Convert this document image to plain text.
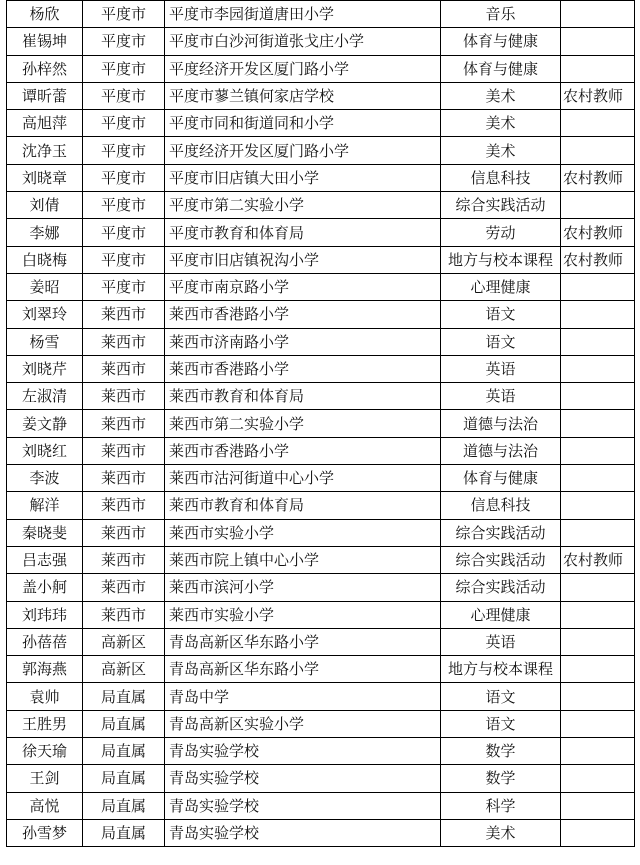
杨欣	平度市	平度市李园街道唐田小学	音乐	
崔锡坤	平度市	平度市白沙河街道张戈庄小学	体育与健康	
孙梓然	平度市	平度经济开发区厦门路小学	体育与健康	
谭昕蕾	平度市	平度市蓼兰镇何家店学校	美术	农村教师
高旭萍	平度市	平度市同和街道同和小学	美术	
沈净玉	平度市	平度经济开发区厦门路小学	美术	
刘晓章	平度市	平度市旧店镇大田小学	信息科技	农村教师
刘倩	平度市	平度市第二实验小学	综合实践活动	
李娜	平度市	平度市教育和体育局	劳动	农村教师
白晓梅	平度市	平度市旧店镇祝沟小学	地方与校本课程	农村教师
姜昭	平度市	平度市南京路小学	心理健康	
刘翠玲	莱西市	莱西市香港路小学	语文	
杨雪	莱西市	莱西市济南路小学	语文	
刘晓芹	莱西市	莱西市香港路小学	英语	
左淑清	莱西市	莱西市教育和体育局	英语	
姜文静	莱西市	莱西市第二实验小学	道德与法治	
刘晓红	莱西市	莱西市香港路小学	道德与法治	
李波	莱西市	莱西市沽河街道中心小学	体育与健康	
解洋	莱西市	莱西市教育和体育局	信息科技	
秦晓斐	莱西市	莱西市实验小学	综合实践活动	
吕志强	莱西市	莱西市院上镇中心小学	综合实践活动	农村教师
盖小舸	莱西市	莱西市滨河小学	综合实践活动	
刘玮玮	莱西市	莱西市实验小学	心理健康	
孙蓓蓓	高新区	青岛高新区华东路小学	英语	
郭海燕	高新区	青岛高新区华东路小学	地方与校本课程	
袁帅	局直属	青岛中学	语文	
王胜男	局直属	青岛高新区实验小学	语文	
徐天瑜	局直属	青岛实验学校	数学	
王剑	局直属	青岛实验学校	数学	
高悦	局直属	青岛实验学校	科学	
孙雪梦	局直属	青岛实验学校	美术	
